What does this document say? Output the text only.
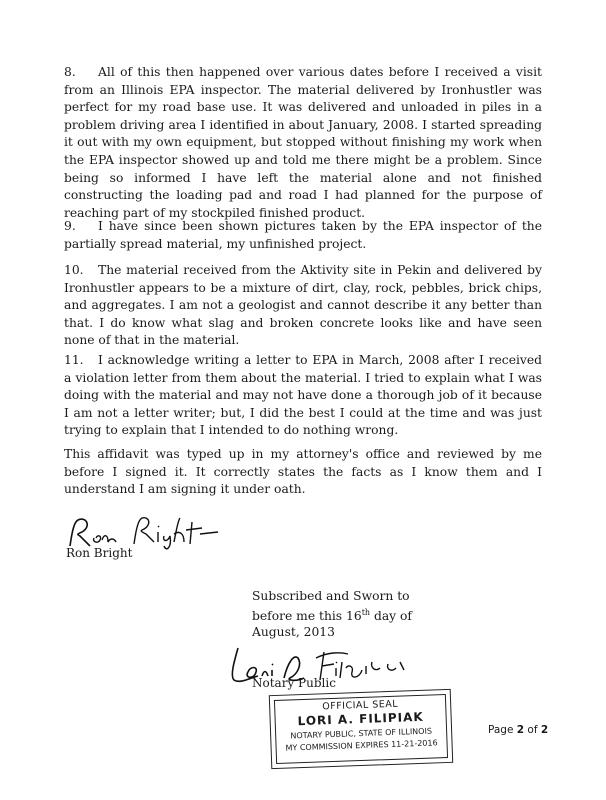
8. All of this then happened over various dates before I received a visit from an Illinois EPA inspector. The material delivered by Ironhustler was perfect for my road base use. It was delivered and unloaded in piles in a problem driving area I identified in about January, 2008. I started spreading it out with my own equipment, but stopped without finishing my work when the EPA inspector showed up and told me there might be a problem. Since being so informed I have left the material alone and not finished constructing the loading pad and road I had planned for the purpose of reaching part of my stockpiled finished product.

9. I have since been shown pictures taken by the EPA inspector of the partially spread material, my unfinished project.

10. The material received from the Aktivity site in Pekin and delivered by Ironhustler appears to be a mixture of dirt, clay, rock, pebbles, brick chips, and aggregates. I am not a geologist and cannot describe it any better than that. I do know what slag and broken concrete looks like and have seen none of that in the material.

11. I acknowledge writing a letter to EPA in March, 2008 after I received a violation letter from them about the material. I tried to explain what I was doing with the material and may not have done a thorough job of it because I am not a letter writer; but, I did the best I could at the time and was just trying to explain that I intended to do nothing wrong.

This affidavit was typed up in my attorney's office and reviewed by me before I signed it. It correctly states the facts as I know them and I understand I am signing it under oath.

Ron Bright
Subscribed and Sworn to
before me this 16th day of
August, 2013
Notary Public
OFFICIAL SEAL
LORI A. FILIPIAK
NOTARY PUBLIC, STATE OF ILLINOIS
MY COMMISSION EXPIRES 11-21-2016
Page 2 of 2
